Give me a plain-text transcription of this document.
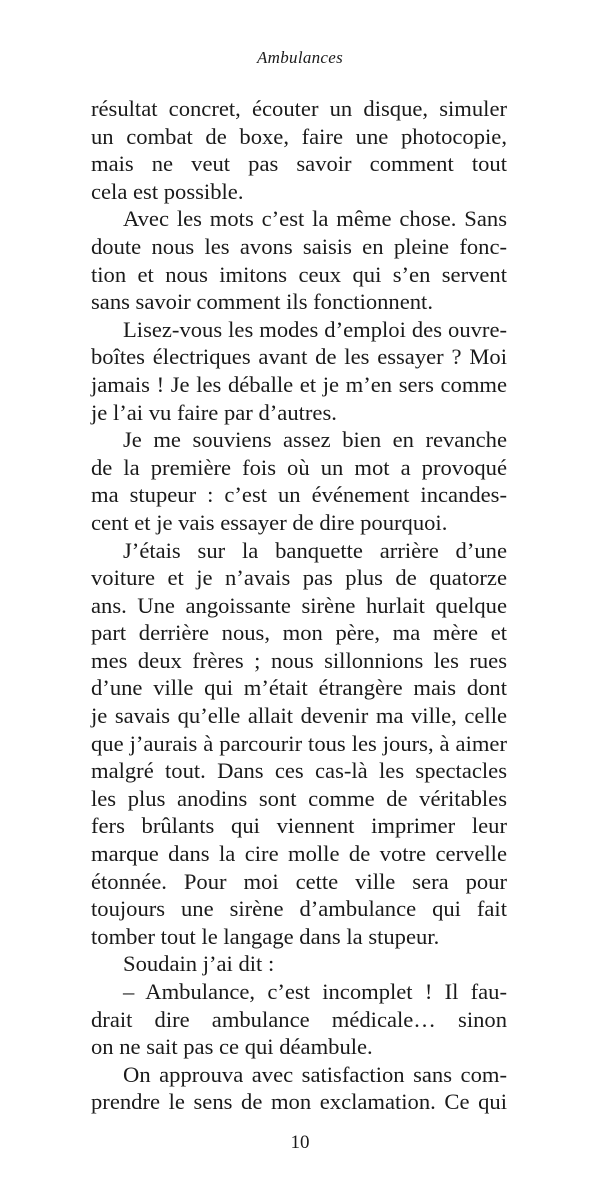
Ambulances
résultat concret, écouter un disque, simuler
un combat de boxe, faire une photocopie,
mais ne veut pas savoir comment tout
cela est possible.
Avec les mots c’est la même chose. Sans
doute nous les avons saisis en pleine fonc-
tion et nous imitons ceux qui s’en servent
sans savoir comment ils fonctionnent.
Lisez-vous les modes d’emploi des ouvre-
boîtes électriques avant de les essayer ? Moi
jamais ! Je les déballe et je m’en sers comme
je l’ai vu faire par d’autres.
Je me souviens assez bien en revanche
de la première fois où un mot a provoqué
ma stupeur : c’est un événement incandes-
cent et je vais essayer de dire pourquoi.
J’étais sur la banquette arrière d’une
voiture et je n’avais pas plus de quatorze
ans. Une angoissante sirène hurlait quelque
part derrière nous, mon père, ma mère et
mes deux frères ; nous sillonnions les rues
d’une ville qui m’était étrangère mais dont
je savais qu’elle allait devenir ma ville, celle
que j’aurais à parcourir tous les jours, à aimer
malgré tout. Dans ces cas-là les spectacles
les plus anodins sont comme de véritables
fers brûlants qui viennent imprimer leur
marque dans la cire molle de votre cervelle
étonnée. Pour moi cette ville sera pour
toujours une sirène d’ambulance qui fait
tomber tout le langage dans la stupeur.
Soudain j’ai dit :
– Ambulance, c’est incomplet ! Il fau-
drait dire ambulance médicale… sinon
on ne sait pas ce qui déambule.
On approuva avec satisfaction sans com-
prendre le sens de mon exclamation. Ce qui
10
